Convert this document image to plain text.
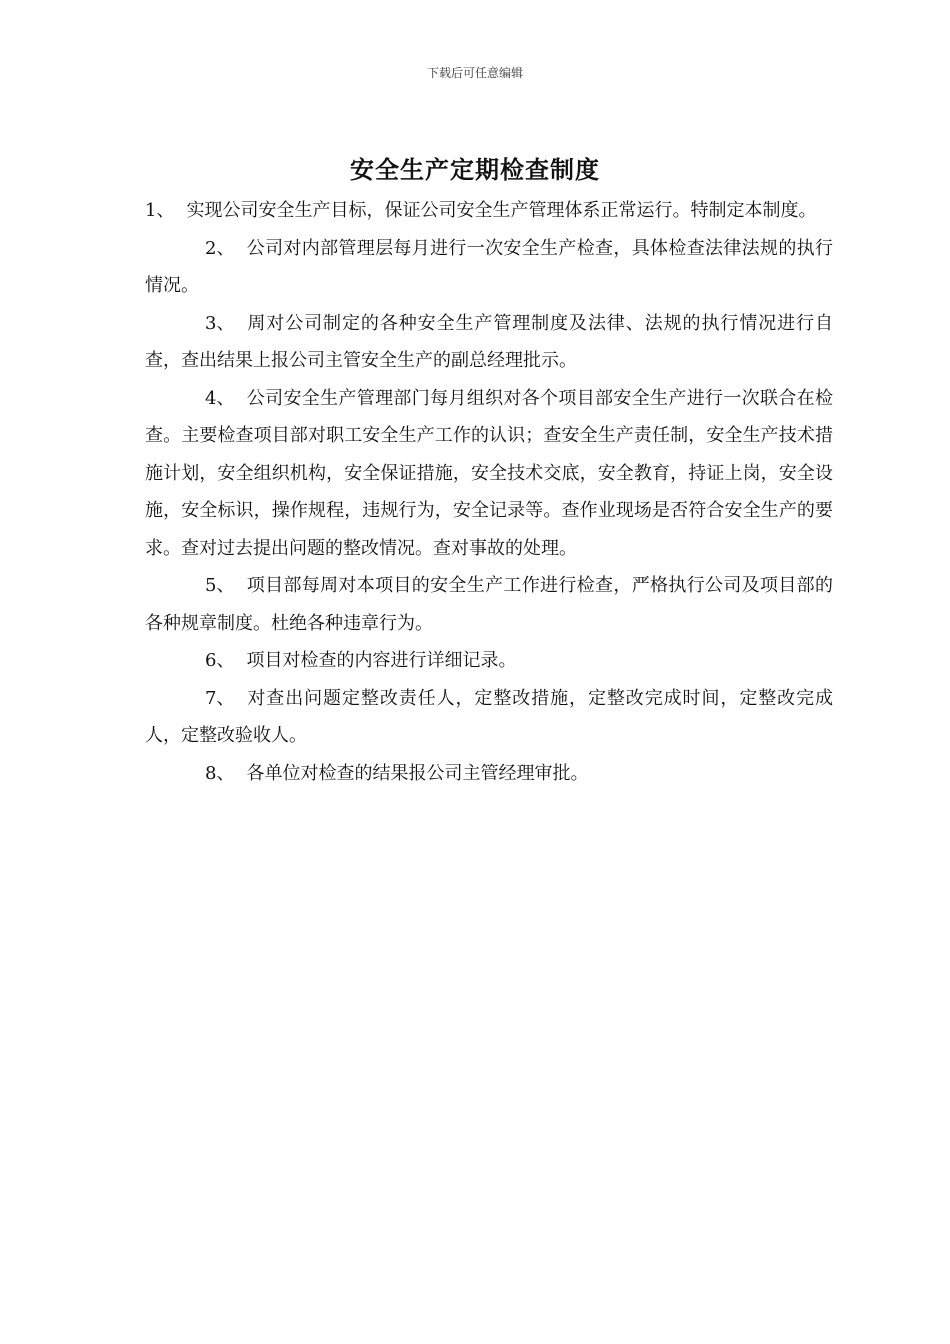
下载后可任意编辑
安全生产定期检查制度

1、 实现公司安全生产目标，保证公司安全生产管理体系正常运行。特制定本制度。

2、 公司对内部管理层每月进行一次安全生产检查，具体检查法律法规的执行情况。

3、 周对公司制定的各种安全生产管理制度及法律、法规的执行情况进行自查，查出结果上报公司主管安全生产的副总经理批示。

4、 公司安全生产管理部门每月组织对各个项目部安全生产进行一次联合在检查。主要检查项目部对职工安全生产工作的认识；查安全生产责任制，安全生产技术措施计划，安全组织机构，安全保证措施，安全技术交底，安全教育，持证上岗，安全设施，安全标识，操作规程，违规行为，安全记录等。查作业现场是否符合安全生产的要求。查对过去提出问题的整改情况。查对事故的处理。

5、 项目部每周对本项目的安全生产工作进行检查，严格执行公司及项目部的各种规章制度。杜绝各种违章行为。

6、 项目对检查的内容进行详细记录。

7、 对查出问题定整改责任人，定整改措施，定整改完成时间，定整改完成人，定整改验收人。

8、 各单位对检查的结果报公司主管经理审批。
